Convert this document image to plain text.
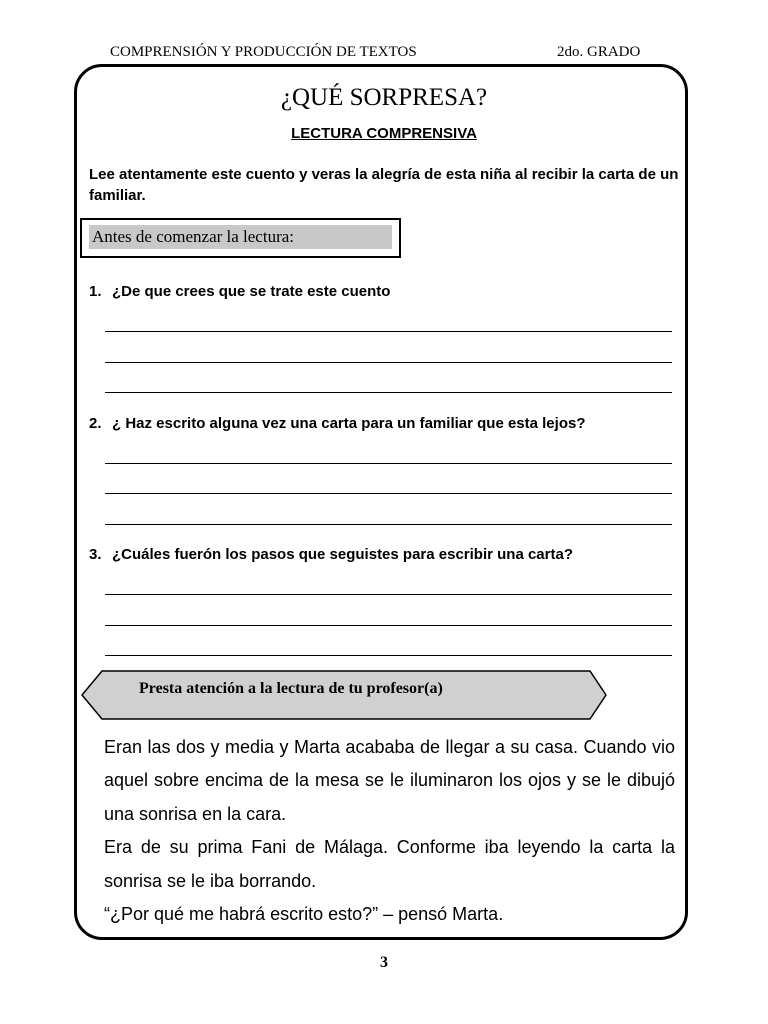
COMPRENSIÓN Y PRODUCCIÓN DE TEXTOS	2do. GRADO
¿QUÉ SORPRESA?
LECTURA COMPRENSIVA
Lee atentamente este cuento y veras la alegría de esta niña al recibir la carta de un familiar.
Antes de comenzar la lectura:
1. ¿De que crees que se trate este cuento
2. ¿ Haz escrito alguna vez una carta para un familiar que esta lejos?
3. ¿Cuáles fuerón los pasos que seguistes para escribir una carta?
Presta atención a la lectura de tu profesor(a)

Eran las dos y media y Marta acababa de llegar a su casa. Cuando vio aquel sobre encima de la mesa se le iluminaron los ojos y se le dibujó una sonrisa en la cara.

Era de su prima Fani de Málaga. Conforme iba leyendo la carta la sonrisa se le iba borrando.

“¿Por qué me habrá escrito esto?” – pensó Marta.

3
